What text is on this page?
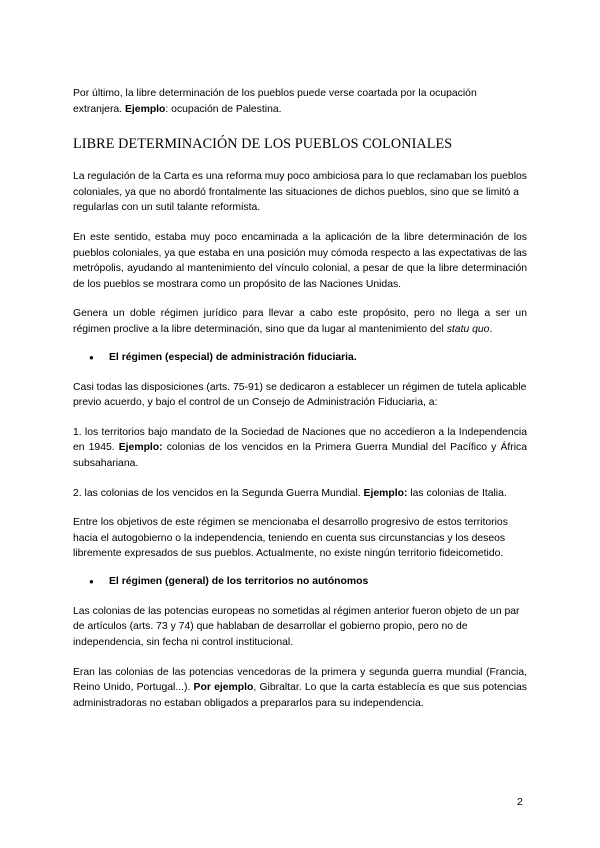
Por último, la libre determinación de los pueblos puede verse coartada por la ocupación extranjera. Ejemplo: ocupación de Palestina.

LIBRE DETERMINACIÓN DE LOS PUEBLOS COLONIALES

La regulación de la Carta es una reforma muy poco ambiciosa para lo que reclamaban los pueblos coloniales, ya que no abordó frontalmente las situaciones de dichos pueblos, sino que se limitó a regularlas con un sutil talante reformista.

En este sentido, estaba muy poco encaminada a la aplicación de la libre determinación de los pueblos coloniales, ya que estaba en una posición muy cómoda respecto a las expectativas de las metrópolis, ayudando al mantenimiento del vínculo colonial, a pesar de que la libre determinación de los pueblos se mostrara como un propósito de las Naciones Unidas.

Genera un doble régimen jurídico para llevar a cabo este propósito, pero no llega a ser un régimen proclive a la libre determinación, sino que da lugar al mantenimiento del statu quo.

●	El régimen (especial) de administración fiduciaria.

Casi todas las disposiciones (arts. 75-91) se dedicaron a establecer un régimen de tutela aplicable previo acuerdo, y bajo el control de un Consejo de Administración Fiduciaria, a:

1. los territorios bajo mandato de la Sociedad de Naciones que no accedieron a la Independencia en 1945. Ejemplo: colonias de los vencidos en la Primera Guerra Mundial del Pacífico y África subsahariana.

2. las colonias de los vencidos en la Segunda Guerra Mundial. Ejemplo: las colonias de Italia.

Entre los objetivos de este régimen se mencionaba el desarrollo progresivo de estos territorios hacia el autogobierno o la independencia, teniendo en cuenta sus circunstancias y los deseos libremente expresados de sus pueblos. Actualmente, no existe ningún territorio fideicometido.

●	El régimen (general) de los territorios no autónomos

Las colonias de las potencias europeas no sometidas al régimen anterior fueron objeto de un par de artículos (arts. 73 y 74) que hablaban de desarrollar el gobierno propio, pero no de independencia, sin fecha ni control institucional.

Eran las colonias de las potencias vencedoras de la primera y segunda guerra mundial (Francia, Reino Unido, Portugal...). Por ejemplo, Gibraltar. Lo que la carta establecía es que sus potencias administradoras no estaban obligados a prepararlos para su independencia.

2
